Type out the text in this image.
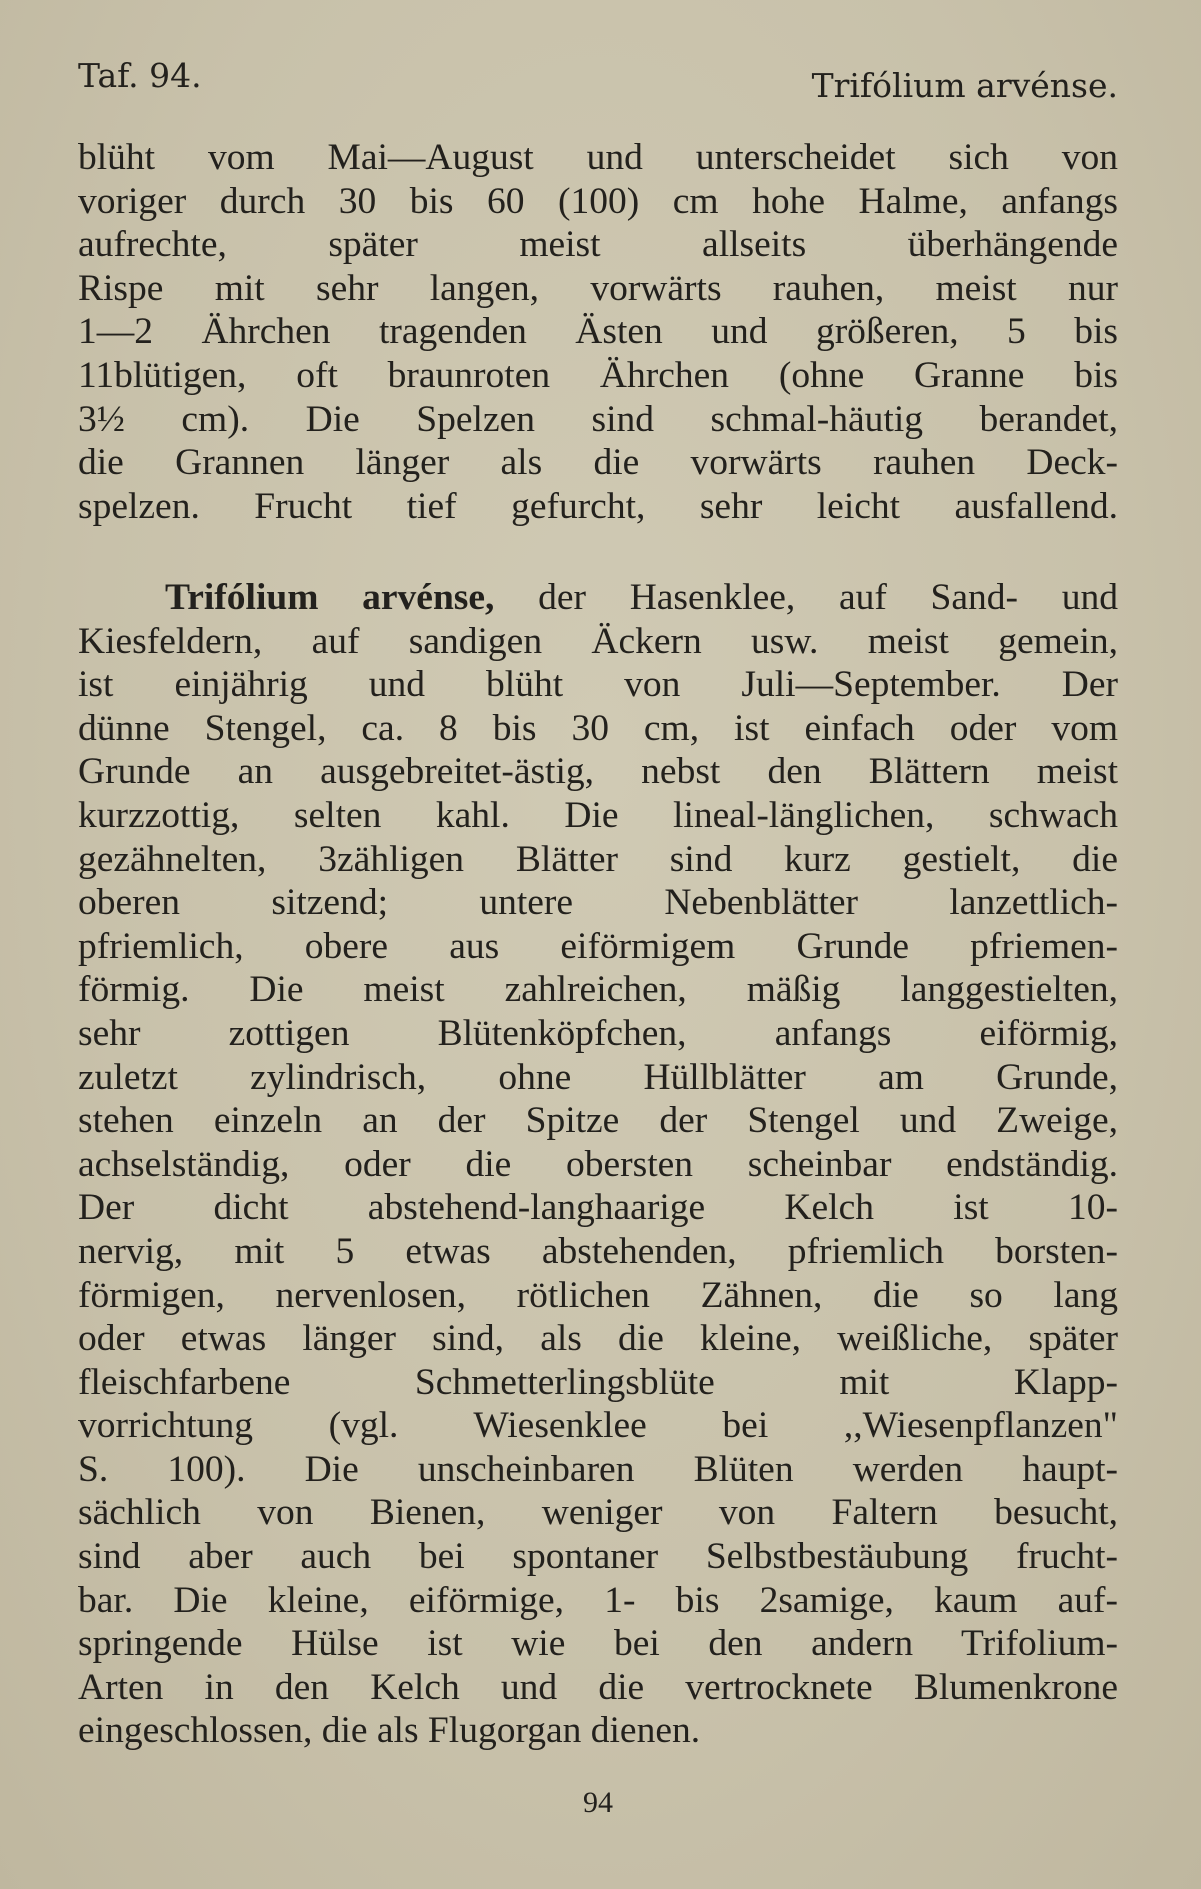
Taf. 94.	Trifólium arvénse.
blüht vom Mai—August und unterscheidet sich von
voriger durch 30 bis 60 (100) cm hohe Halme, anfangs
aufrechte, später meist allseits überhängende
Rispe mit sehr langen, vorwärts rauhen, meist nur
1—2 Ährchen tragenden Ästen und größeren, 5 bis
11blütigen, oft braunroten Ährchen (ohne Granne bis
3½ cm). Die Spelzen sind schmal-häutig berandet,
die Grannen länger als die vorwärts rauhen Deck-
spelzen. Frucht tief gefurcht, sehr leicht ausfallend.
Trifólium arvénse, der Hasenklee, auf Sand- und
Kiesfeldern, auf sandigen Äckern usw. meist gemein,
ist einjährig und blüht von Juli—September. Der
dünne Stengel, ca. 8 bis 30 cm, ist einfach oder vom
Grunde an ausgebreitet-ästig, nebst den Blättern meist
kurzzottig, selten kahl. Die lineal-länglichen, schwach
gezähnelten, 3zähligen Blätter sind kurz gestielt, die
oberen sitzend; untere Nebenblätter lanzettlich-
pfriemlich, obere aus eiförmigem Grunde pfriemen-
förmig. Die meist zahlreichen, mäßig langgestielten,
sehr zottigen Blütenköpfchen, anfangs eiförmig,
zuletzt zylindrisch, ohne Hüllblätter am Grunde,
stehen einzeln an der Spitze der Stengel und Zweige,
achselständig, oder die obersten scheinbar endständig.
Der dicht abstehend-langhaarige Kelch ist 10-
nervig, mit 5 etwas abstehenden, pfriemlich borsten-
förmigen, nervenlosen, rötlichen Zähnen, die so lang
oder etwas länger sind, als die kleine, weißliche, später
fleischfarbene Schmetterlingsblüte mit Klapp-
vorrichtung (vgl. Wiesenklee bei ,,Wiesenpflanzen"
S. 100). Die unscheinbaren Blüten werden haupt-
sächlich von Bienen, weniger von Faltern besucht,
sind aber auch bei spontaner Selbstbestäubung frucht-
bar. Die kleine, eiförmige, 1- bis 2samige, kaum auf-
springende Hülse ist wie bei den andern Trifolium-
Arten in den Kelch und die vertrocknete Blumenkrone
eingeschlossen, die als Flugorgan dienen.
94
